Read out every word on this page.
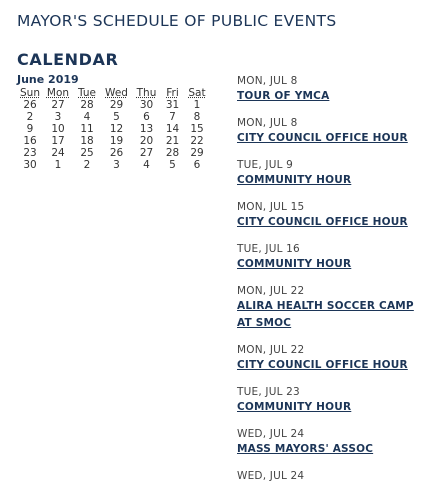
MAYOR'S SCHEDULE OF PUBLIC EVENTS
CALENDAR
June 2019
Sun	Mon	Tue	Wed	Thu	Fri	Sat
26	27	28	29	30	31	1
2	3	4	5	6	7	8
9	10	11	12	13	14	15
16	17	18	19	20	21	22
23	24	25	26	27	28	29
30	1	2	3	4	5	6
MON, JUL 8
TOUR OF YMCA
MON, JUL 8
CITY COUNCIL OFFICE HOUR
TUE, JUL 9
COMMUNITY HOUR
MON, JUL 15
CITY COUNCIL OFFICE HOUR
TUE, JUL 16
COMMUNITY HOUR
MON, JUL 22
ALIRA HEALTH SOCCER CAMP AT SMOC
MON, JUL 22
CITY COUNCIL OFFICE HOUR
TUE, JUL 23
COMMUNITY HOUR
WED, JUL 24
MASS MAYORS' ASSOC
WED, JUL 24
